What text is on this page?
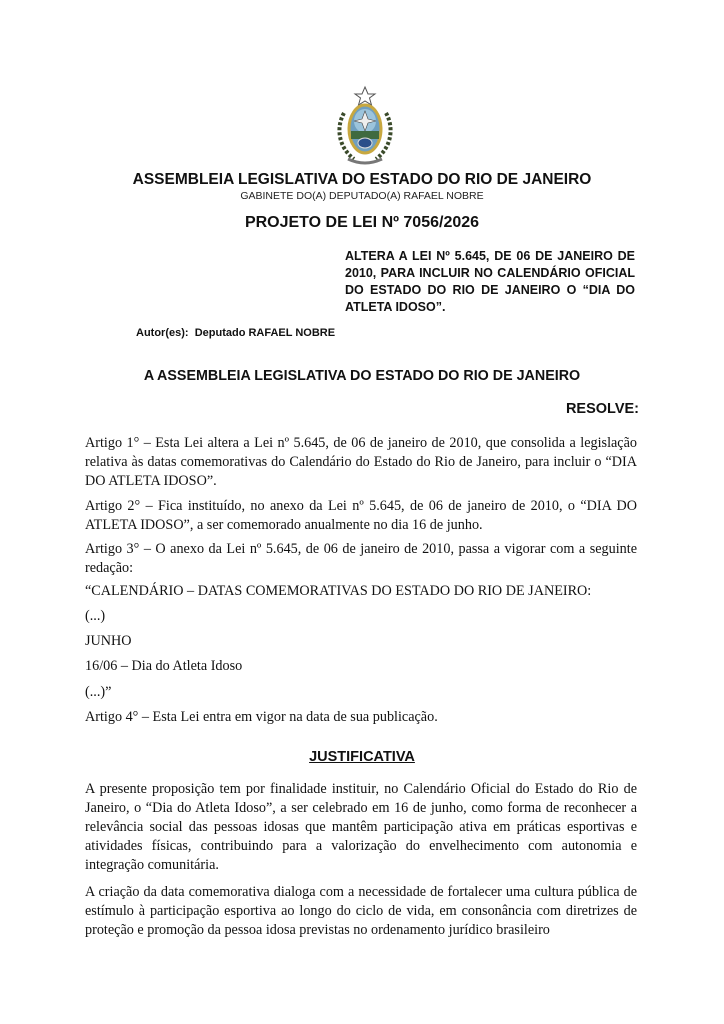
ASSEMBLEIA LEGISLATIVA DO ESTADO DO RIO DE JANEIRO
GABINETE DO(A) DEPUTADO(A) RAFAEL NOBRE
PROJETO DE LEI Nº 7056/2026
ALTERA A LEI Nº 5.645, DE 06 DE JANEIRO DE 2010, PARA INCLUIR NO CALENDÁRIO OFICIAL DO ESTADO DO RIO DE JANEIRO O “DIA DO ATLETA IDOSO”.
Autor(es): Deputado RAFAEL NOBRE
A ASSEMBLEIA LEGISLATIVA DO ESTADO DO RIO DE JANEIRO
RESOLVE:
Artigo 1° – Esta Lei altera a Lei nº 5.645, de 06 de janeiro de 2010, que consolida a legislação relativa às datas comemorativas do Calendário do Estado do Rio de Janeiro, para incluir o “DIA DO ATLETA IDOSO”.
Artigo 2° – Fica instituído, no anexo da Lei nº 5.645, de 06 de janeiro de 2010, o “DIA DO ATLETA IDOSO”, a ser comemorado anualmente no dia 16 de junho.
Artigo 3° – O anexo da Lei nº 5.645, de 06 de janeiro de 2010, passa a vigorar com a seguinte redação:
“CALENDÁRIO – DATAS COMEMORATIVAS DO ESTADO DO RIO DE JANEIRO:
(...)
JUNHO
16/06 – Dia do Atleta Idoso
(...)”
Artigo 4° – Esta Lei entra em vigor na data de sua publicação.
JUSTIFICATIVA
A presente proposição tem por finalidade instituir, no Calendário Oficial do Estado do Rio de Janeiro, o “Dia do Atleta Idoso”, a ser celebrado em 16 de junho, como forma de reconhecer a relevância social das pessoas idosas que mantêm participação ativa em práticas esportivas e atividades físicas, contribuindo para a valorização do envelhecimento com autonomia e integração comunitária.
A criação da data comemorativa dialoga com a necessidade de fortalecer uma cultura pública de estímulo à participação esportiva ao longo do ciclo de vida, em consonância com diretrizes de proteção e promoção da pessoa idosa previstas no ordenamento jurídico brasileiro
